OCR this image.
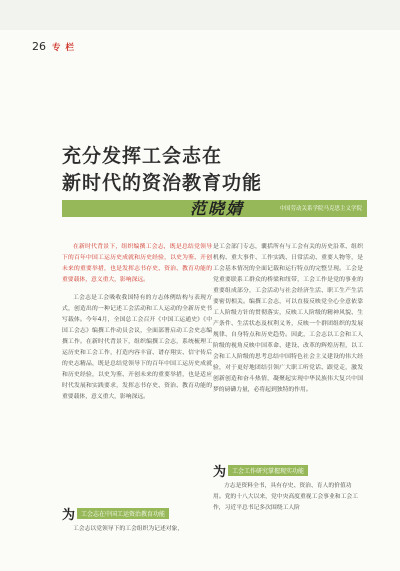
26 专 栏
充分发挥工会志在
新时代的资治教育功能
范晓婧	中国劳动关系学院马克思主义学院

在新时代背景下，组织编撰工会志，既是总结党领导下的百年中国工运历史成就和历史经验，以史为鉴、开创未来的重要举措，也是发挥志书存史、资治、教育功能的重要载体，意义重大，影响深远。

工会志是工会吸收我国特有的方志体例结构与表现方式，创造出的一种记述工会活动和工人运动的全新历史书写载体。今年4月，全国总工会召开《中国工运通史》《中国工会志》编撰工作动员会议，全面部署启动工会史志编撰工作。在新时代背景下，组织编撰工会志，系统梳理工运历史和工会工作，打造内容丰富、谱存翔实、信守传后的史志精品，既是总结党领导下的百年中国工运历史成就和历史经验，以史为鉴、开创未来的重要举措，也是适应时代发展和实践要求，发挥志书存史、资治、教育功能的重要载体，意义重大，影响深远。

为	工会志在中国工运资治教育功能

工会志以党领导下的工会组织为记述对象，

是工会部门专志，囊括所有与工会有关的历史沿革、组织机构、重大事件、工作实践、日常活动、重要人物等，是工会基本情况的全面记载和运行特点的完整呈现。工会是党重要联系工群众的桥梁和纽带，工会工作是党的事业的重要组成部分，工会活动与社会经济生活、职工生产生活要密切相关。编撰工会志，可以直接反映党全心全意依靠工人阶级方针的贯彻落实，反映工人阶级的精神风貌、生产条件、生活状态及权利义务，反映一个群团组织的发展规律、自身特点和历史趋势。因此，工会志以工会和工人阶级的视角反映中国革命、建设、改革的辉煌历程，以工会和工人阶级的思考总结中国特色社会主义建设的伟大经验，对于更好地团结引领广大职工听党话、跟党走，激发创新创造和奋斗热情，凝聚起实现中华民族伟大复兴中国梦的磅礴力量，必将起到独特的作用。

为	工会工作研究掌握现实功能

方志是资料全书，具有存史、资治、育人的价值功用。党的十八大以来，党中央高度重视工会事业和工会工作，习近平总书记多次围绕工人阶
